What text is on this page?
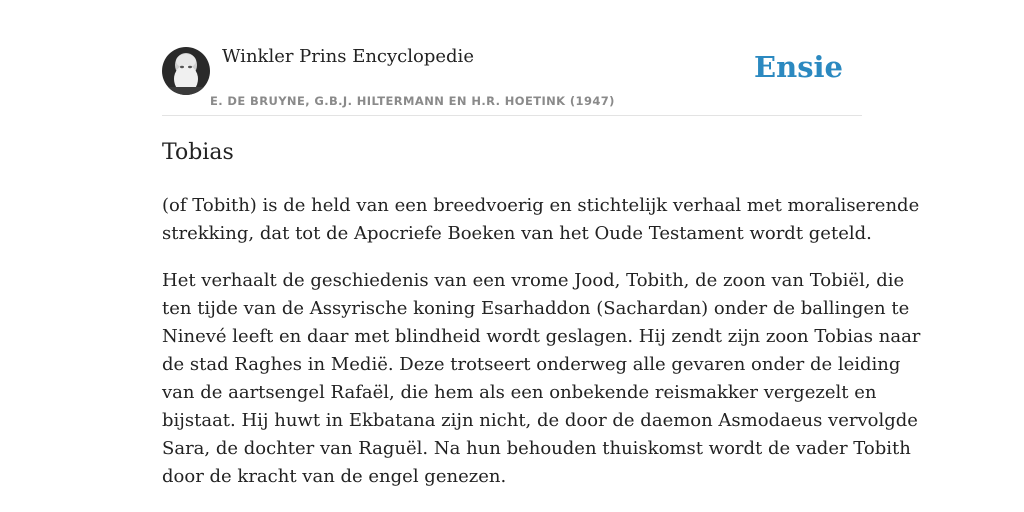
Winkler Prins Encyclopedie
E. DE BRUYNE, G.B.J. HILTERMANN EN H.R. HOETINK (1947)
Ensie
Tobias

(of Tobith) is de held van een breedvoerig en stichtelijk verhaal met moraliserende
strekking, dat tot de Apocriefe Boeken van het Oude Testament wordt geteld.

Het verhaalt de geschiedenis van een vrome Jood, Tobith, de zoon van Tobiël, die
ten tijde van de Assyrische koning Esarhaddon (Sachardan) onder de ballingen te
Ninevé leeft en daar met blindheid wordt geslagen. Hij zendt zijn zoon Tobias naar
de stad Raghes in Medië. Deze trotseert onderweg alle gevaren onder de leiding
van de aartsengel Rafaël, die hem als een onbekende reismakker vergezelt en
bijstaat. Hij huwt in Ekbatana zijn nicht, de door de daemon Asmodaeus vervolgde
Sara, de dochter van Raguël. Na hun behouden thuiskomst wordt de vader Tobith
door de kracht van de engel genezen.
